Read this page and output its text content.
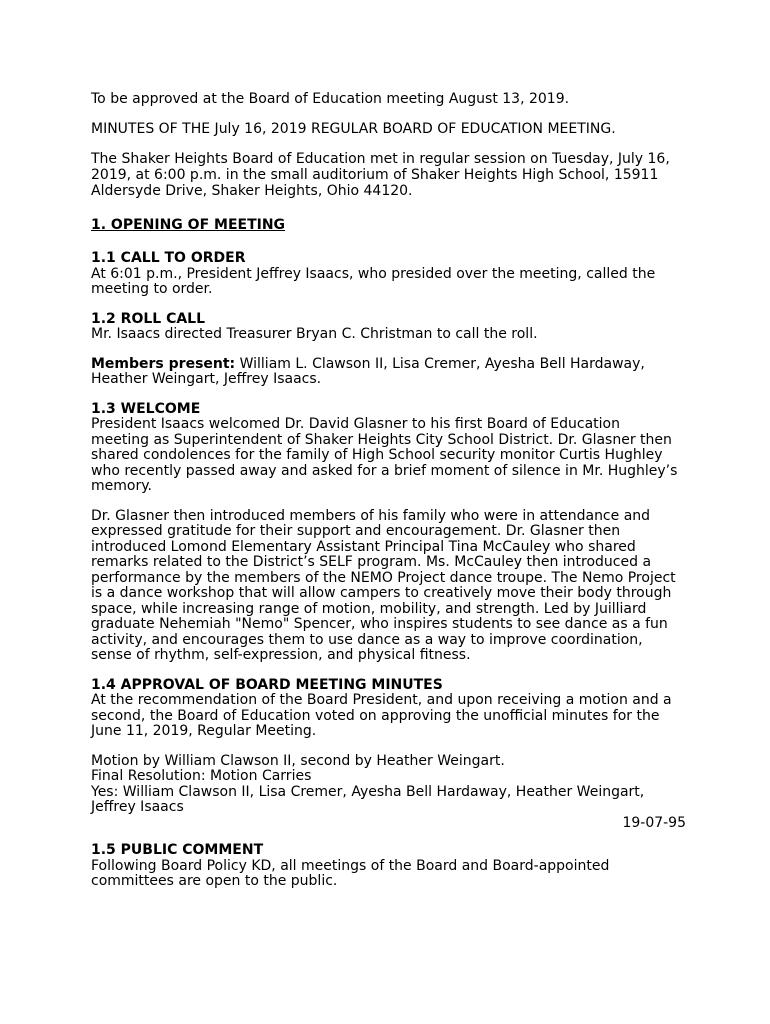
To be approved at the Board of Education meeting August 13, 2019.

MINUTES OF THE July 16, 2019 REGULAR BOARD OF EDUCATION MEETING.

The Shaker Heights Board of Education met in regular session on Tuesday, July 16,
2019, at 6:00 p.m. in the small auditorium of Shaker Heights High School, 15911
Aldersyde Drive, Shaker Heights, Ohio 44120.

1. OPENING OF MEETING

1.1 CALL TO ORDER

At 6:01 p.m., President Jeffrey Isaacs, who presided over the meeting, called the
meeting to order.

1.2 ROLL CALL

Mr. Isaacs directed Treasurer Bryan C. Christman to call the roll.

Members present: William L. Clawson II, Lisa Cremer, Ayesha Bell Hardaway,
Heather Weingart, Jeffrey Isaacs.

1.3 WELCOME

President Isaacs welcomed Dr. David Glasner to his first Board of Education
meeting as Superintendent of Shaker Heights City School District. Dr. Glasner then
shared condolences for the family of High School security monitor Curtis Hughley
who recently passed away and asked for a brief moment of silence in Mr. Hughley’s
memory.

Dr. Glasner then introduced members of his family who were in attendance and
expressed gratitude for their support and encouragement. Dr. Glasner then
introduced Lomond Elementary Assistant Principal Tina McCauley who shared
remarks related to the District’s SELF program. Ms. McCauley then introduced a
performance by the members of the NEMO Project dance troupe. The Nemo Project
is a dance workshop that will allow campers to creatively move their body through
space, while increasing range of motion, mobility, and strength. Led by Juilliard
graduate Nehemiah "Nemo" Spencer, who inspires students to see dance as a fun
activity, and encourages them to use dance as a way to improve coordination,
sense of rhythm, self-expression, and physical fitness.

1.4 APPROVAL OF BOARD MEETING MINUTES

At the recommendation of the Board President, and upon receiving a motion and a
second, the Board of Education voted on approving the unofficial minutes for the
June 11, 2019, Regular Meeting.

Motion by William Clawson II, second by Heather Weingart.
Final Resolution: Motion Carries
Yes: William Clawson II, Lisa Cremer, Ayesha Bell Hardaway, Heather Weingart,
Jeffrey Isaacs

19-07-95

1.5 PUBLIC COMMENT

Following Board Policy KD, all meetings of the Board and Board-appointed
committees are open to the public.
